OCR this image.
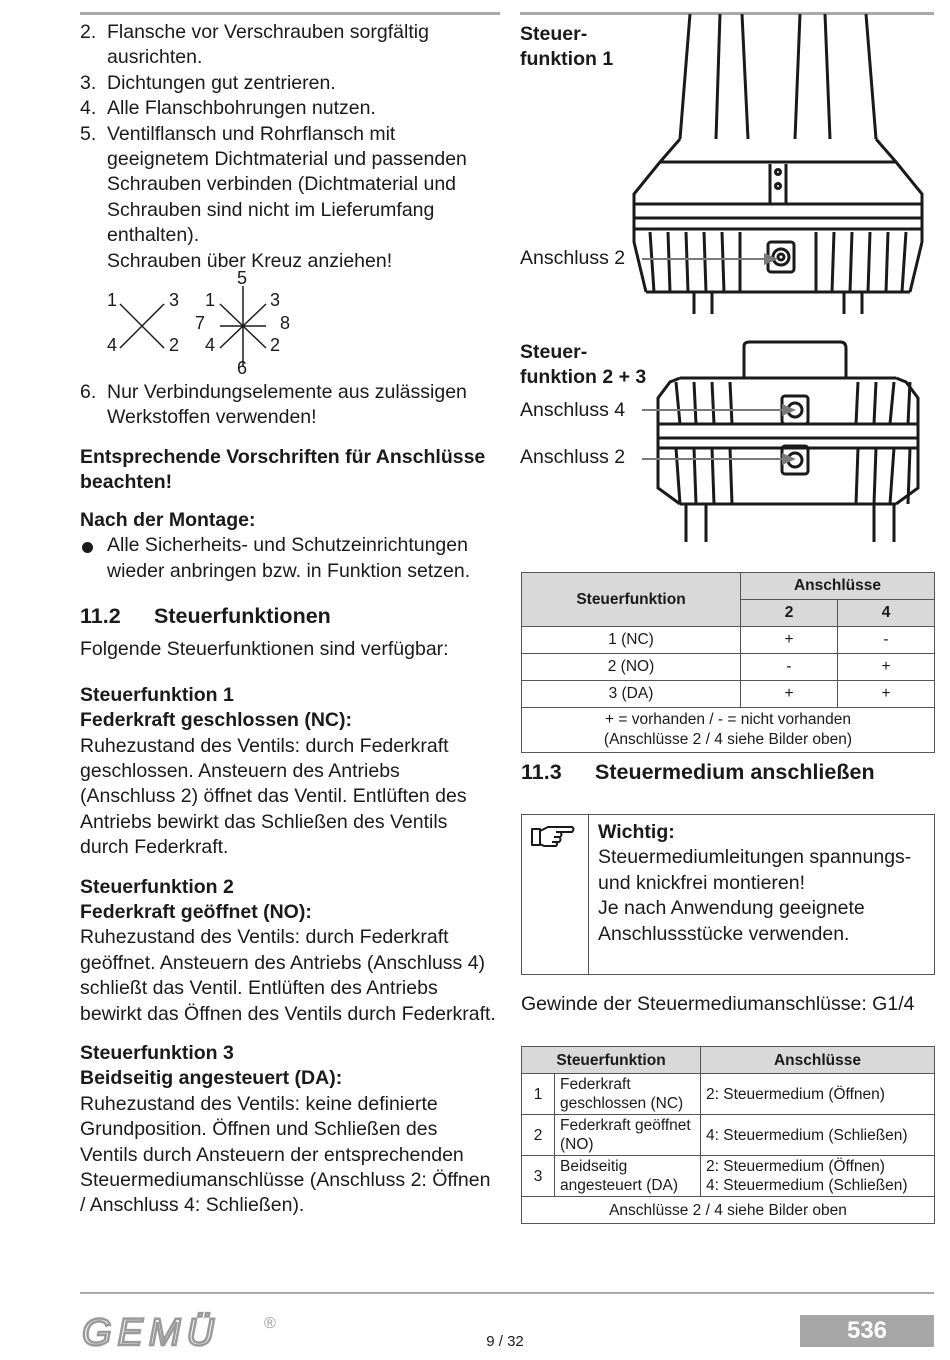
2. Flansche vor Verschrauben sorgfältig ausrichten.
3. Dichtungen gut zentrieren.
4. Alle Flanschbohrungen nutzen.
5. Ventilflansch und Rohrflansch mit geeignetem Dichtmaterial und passenden Schrauben verbinden (Dichtmaterial und Schrauben sind nicht im Lieferumfang enthalten).
Schrauben über Kreuz anziehen!
1	3
4	2
5
1	3
7	8
4	2
6
6. Nur Verbindungselemente aus zulässigen Werkstoffen verwenden!

Entsprechende Vorschriften für Anschlüsse beachten!

Nach der Montage:

Alle Sicherheits- und Schutzeinrichtungen wieder anbringen bzw. in Funktion setzen.
11.2 Steuerfunktionen

Folgende Steuerfunktionen sind verfügbar:

Steuerfunktion 1
Federkraft geschlossen (NC):

Ruhezustand des Ventils: durch Federkraft geschlossen. Ansteuern des Antriebs (Anschluss 2) öffnet das Ventil. Entlüften des Antriebs bewirkt das Schließen des Ventils durch Federkraft.

Steuerfunktion 2
Federkraft geöffnet (NO):

Ruhezustand des Ventils: durch Federkraft geöffnet. Ansteuern des Antriebs (Anschluss 4) schließt das Ventil. Entlüften des Antriebs bewirkt das Öffnen des Ventils durch Federkraft.

Steuerfunktion 3
Beidseitig angesteuert (DA):

Ruhezustand des Ventils: keine definierte Grundposition. Öffnen und Schließen des Ventils durch Ansteuern der entsprechenden Steuermediumanschlüsse (Anschluss 2: Öffnen / Anschluss 4: Schließen).

Steuer-
funktion 1
Anschluss 2
Steuer-
funktion 2 + 3
Anschluss 4
Anschluss 2
Steuerfunktion	Anschlüsse	
	2	4
1 (NC)	+	-
2 (NO)	-	+
3 (DA)	+	+
+ = vorhanden / - = nicht vorhanden
(Anschlüsse 2 / 4 siehe Bilder oben)		
11.3 Steuermedium anschließen
Wichtig:
Steuermediumleitungen spannungs- und knickfrei montieren!
Je nach Anwendung geeignete Anschlussstücke verwenden.
Gewinde der Steuermediumanschlüsse: G1/4
Steuerfunktion		Anschlüsse
1	Federkraft geschlossen (NC)	2: Steuermedium (Öffnen)
2	Federkraft geöffnet (NO)	4: Steuermedium (Schließen)
3	Beidseitig angesteuert (DA)	2: Steuermedium (Öffnen)
4: Steuermedium (Schließen)
Anschlüsse 2 / 4 siehe Bilder oben		
GEMÜ	®
9 / 32	536
